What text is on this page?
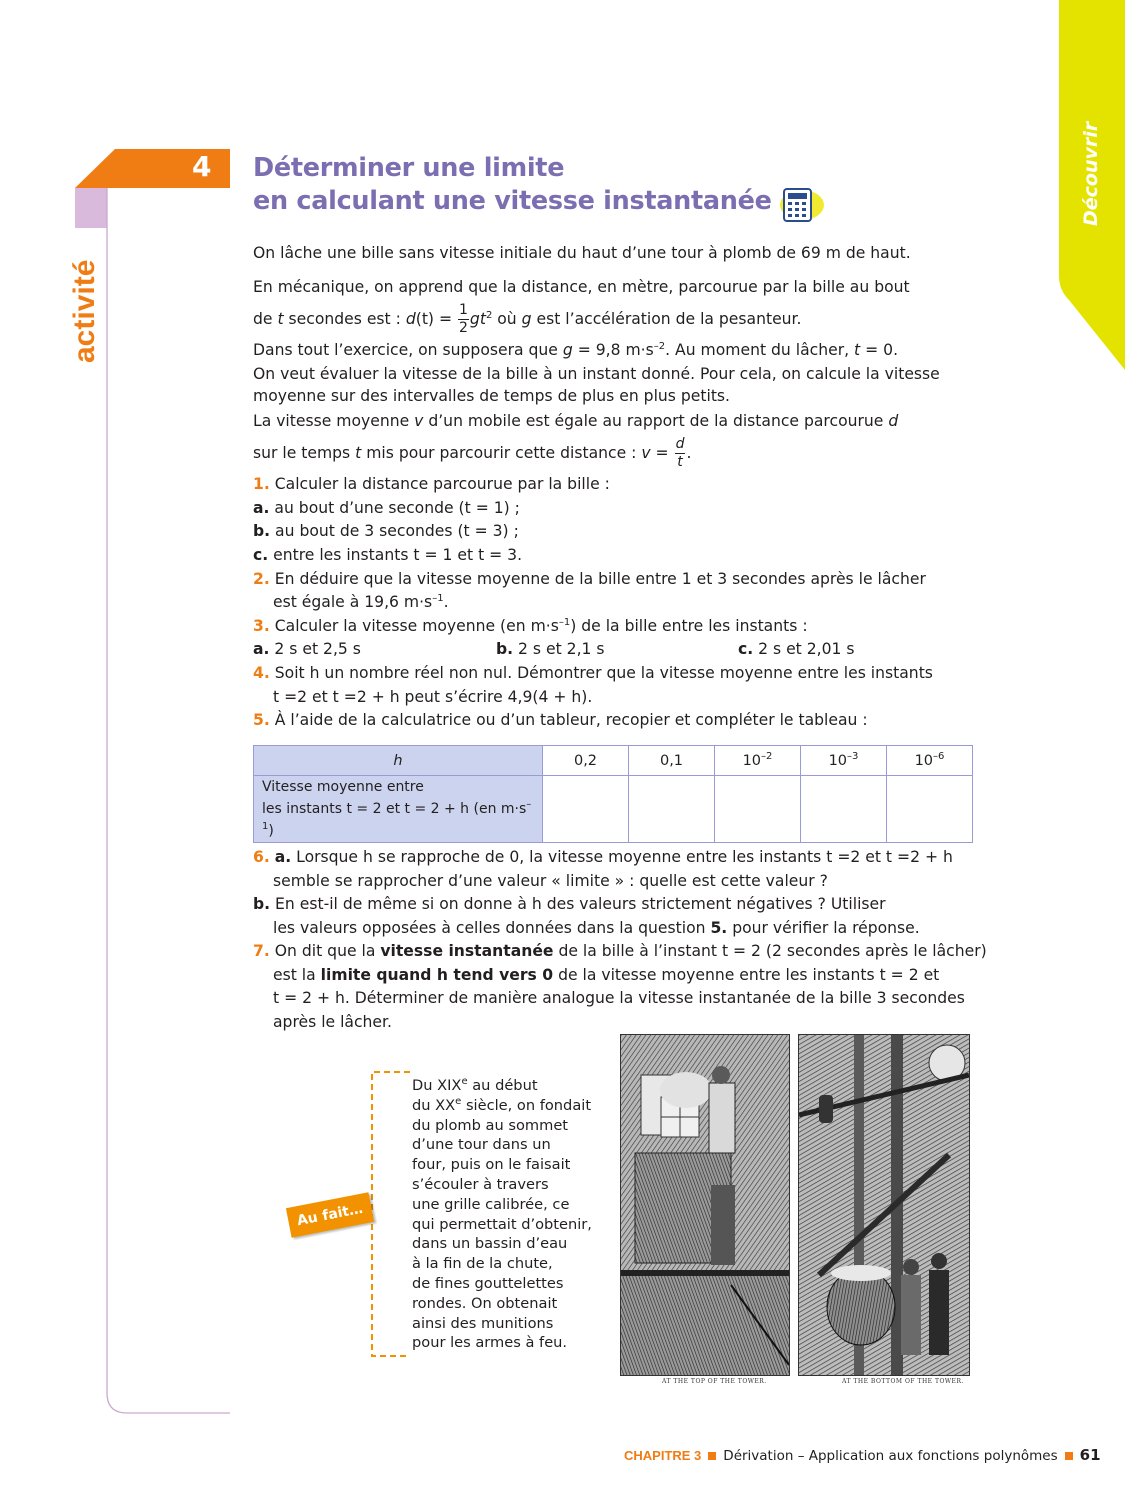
Découvrir
4
activité
Déterminer une limite
en calculant une vitesse instantanée
On lâche une bille sans vitesse initiale du haut d’une tour à plomb de 69 m de haut.
En mécanique, on apprend que la distance, en mètre, parcourue par la bille au bout
de t secondes est : $d(t) = \frac{1}{2} gt^2$ où g est l’accélération de la pesanteur.
Dans tout l’exercice, on supposera que g = 9,8 $m\cdot s^{-2}$. Au moment du lâcher, t = 0.
On veut évaluer la vitesse de la bille à un instant donné. Pour cela, on calcule la vitesse
moyenne sur des intervalles de temps de plus en plus petits.
La vitesse moyenne v d’un mobile est égale au rapport de la distance parcourue d
sur le temps t mis pour parcourir cette distance : $v = \frac{d}{t}$ .
1. Calculer la distance parcourue par la bille :
a. au bout d’une seconde (t = 1) ;
b. au bout de 3 secondes (t = 3) ;
c. entre les instants t = 1 et t = 3.
2. En déduire que la vitesse moyenne de la bille entre 1 et 3 secondes après le lâcher
est égale à 19,6 $m\cdot s^{-1}$.
3. Calculer la vitesse moyenne (en $m\cdot s^{-1}$) de la bille entre les instants :
a. 2 s et 2,5 s	b. 2 s et 2,1 s	c. 2 s et 2,01 s
4. Soit h un nombre réel non nul. Démontrer que la vitesse moyenne entre les instants
t =2 et t =2 + h peut s’écrire 4,9(4 + h).
5. À l’aide de la calculatrice ou d’un tableur, recopier et compléter le tableau :
h	0,2	0,1	$10^{-2}$	$10^{-3}$	$10^{-6}$
Vitesse moyenne entre
les instants t = 2 et t = 2 + h (en $m\cdot s^{-1}$)					
6. a. Lorsque h se rapproche de 0, la vitesse moyenne entre les instants t =2 et t =2 + h
semble se rapprocher d’une valeur « limite » : quelle est cette valeur ?
b. En est-il de même si on donne à h des valeurs strictement négatives ? Utiliser
les valeurs opposées à celles données dans la question 5. pour vérifier la réponse.
7. On dit que la vitesse instantanée de la bille à l’instant t = 2 (2 secondes après le lâcher)
est la limite quand h tend vers 0 de la vitesse moyenne entre les instants t = 2 et
t = 2 + h. Déterminer de manière analogue la vitesse instantanée de la bille 3 secondes
après le lâcher.
Au fait…
Du XIXe au début
du XXe siècle, on fondait
du plomb au sommet
d’une tour dans un
four, puis on le faisait
s’écouler à travers
une grille calibrée, ce
qui permettait d’obtenir,
dans un bassin d’eau
à la fin de la chute,
de fines gouttelettes
rondes. On obtenait
ainsi des munitions
pour les armes à feu.
AT THE TOP OF THE TOWER.	AT THE BOTTOM OF THE TOWER.
CHAPITRE 3 Dérivation – Application aux fonctions polynômes 61
